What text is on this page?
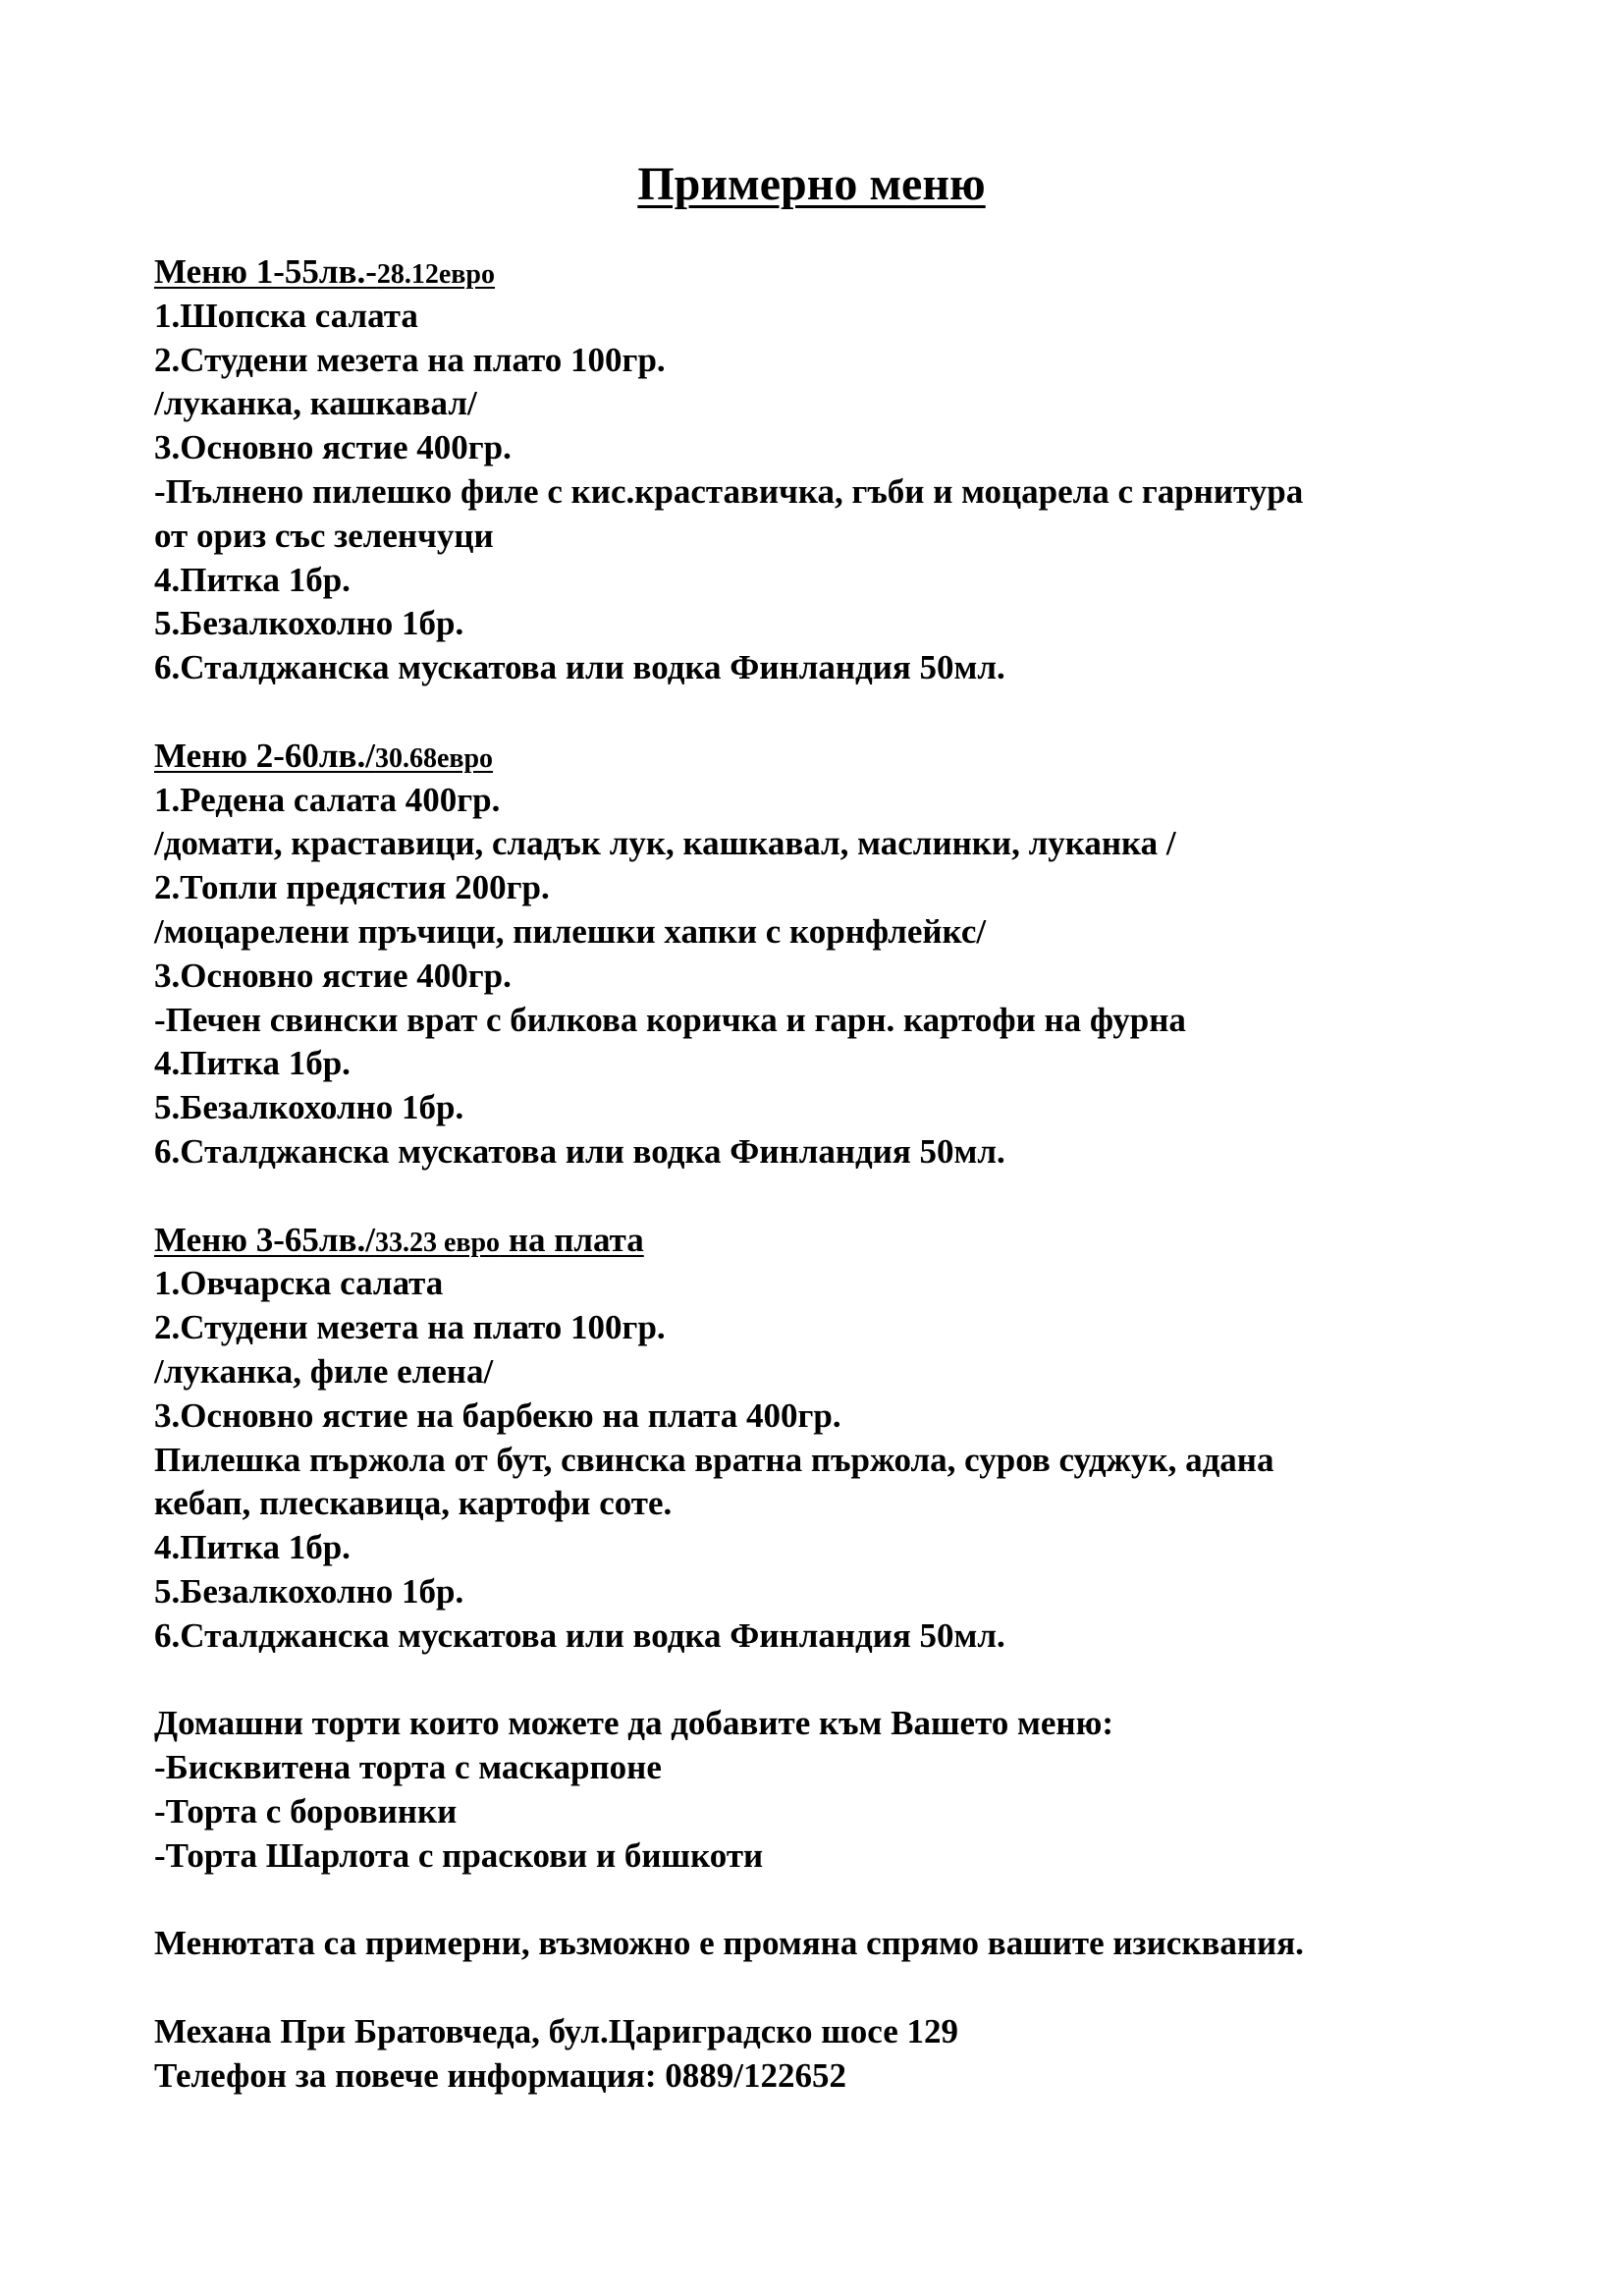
Примерно меню
Меню 1-55лв.-28.12евро
1.Шопска салата
2.Студени мезета на плато 100гр.
/луканка, кашкавал/
3.Основно ястие 400гр.
-Пълнено пилешко филе с кис.краставичка, гъби и моцарела с гарнитура
от ориз със зеленчуци
4.Питка 1бр.
5.Безалкохолно 1бр.
6.Сталджанска мускатова или водка Финландия 50мл.
Меню 2-60лв./30.68евро
1.Редена салата 400гр.
/домати, краставици, сладък лук, кашкавал, маслинки, луканка /
2.Топли предястия 200гр.
/моцарелени пръчици, пилешки хапки с корнфлейкс/
3.Основно ястие 400гр.
-Печен свински врат с билкова коричка и гарн. картофи на фурна
4.Питка 1бр.
5.Безалкохолно 1бр.
6.Сталджанска мускатова или водка Финландия 50мл.
Меню 3-65лв./33.23 евро на плата
1.Овчарска салата
2.Студени мезета на плато 100гр.
/луканка, филе елена/
3.Основно ястие на барбекю на плата 400гр.
Пилешка пържола от бут, свинска вратна пържола, суров суджук, адана
кебап, плескавица, картофи соте.
4.Питка 1бр.
5.Безалкохолно 1бр.
6.Сталджанска мускатова или водка Финландия 50мл.
Домашни торти които можете да добавите към Вашето меню:
-Бисквитена торта с маскарпоне
-Торта с боровинки
-Торта Шарлота с праскови и бишкоти
Менютата са примерни, възможно е промяна спрямо вашите изисквания.
Механа При Братовчеда, бул.Цариградско шосе 129
Телефон за повече информация: 0889/122652
